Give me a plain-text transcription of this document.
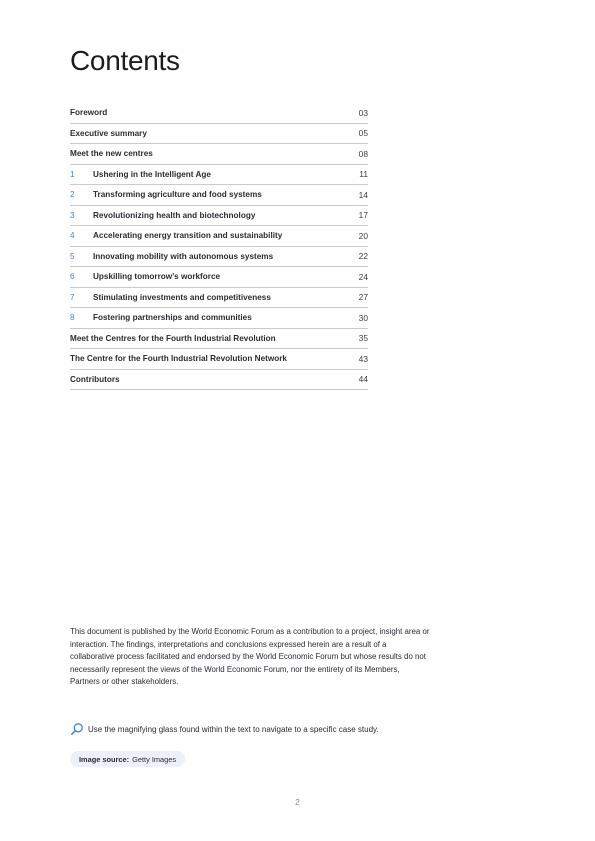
Contents
Foreword	03
Executive summary	05
Meet the new centres	08
1	Ushering in the Intelligent Age	11
2	Transforming agriculture and food systems	14
3	Revolutionizing health and biotechnology	17
4	Accelerating energy transition and sustainability	20
5	Innovating mobility with autonomous systems	22
6	Upskilling tomorrow’s workforce	24
7	Stimulating investments and competitiveness	27
8	Fostering partnerships and communities	30
Meet the Centres for the Fourth Industrial Revolution	35
The Centre for the Fourth Industrial Revolution Network	43
Contributors	44

This document is published by the World Economic Forum as a contribution to a project, insight area or interaction. The findings, interpretations and conclusions expressed herein are a result of a collaborative process facilitated and endorsed by the World Economic Forum but whose results do not necessarily represent the views of the World Economic Forum, nor the entirety of its Members, Partners or other stakeholders.

Use the magnifying glass found within the text to navigate to a specific case study.
Image source: Getty Images
2
